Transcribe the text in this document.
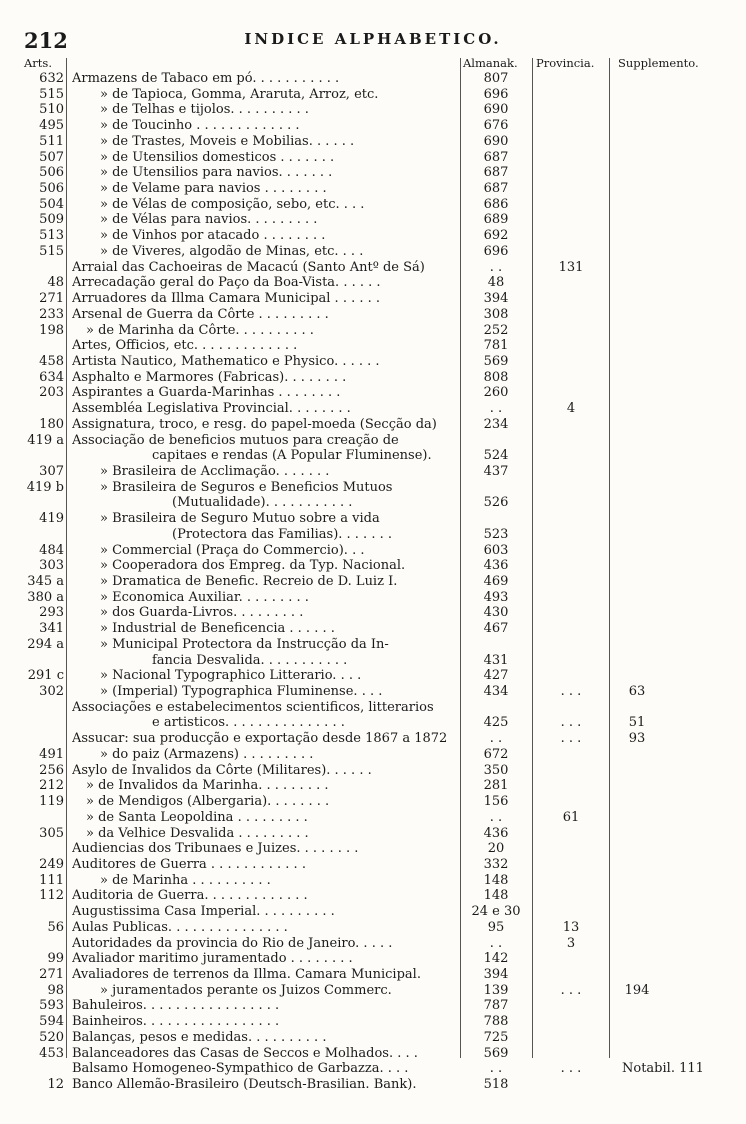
212	INDICE ALPHABETICO.
Arts.	Almanak. Provincia. Supplemento.
632 Armazens de Tabaco em pó. . . . . . . . . . .	807
515	» de Tapioca, Gomma, Araruta, Arroz, etc.	696
510	» de Telhas e tijolos. . . . . . . . . .	690
495	» de Toucinho . . . . . . . . . . . . .	676
511	» de Trastes, Moveis e Mobilias. . . . . .	690
507	» de Utensilios domesticos . . . . . . .	687
506	» de Utensilios para navios. . . . . . .	687
506	» de Velame para navios . . . . . . . .	687
504	» de Vélas de composição, sebo, etc. . . .	686
509	» de Vélas para navios. . . . . . . . .	689
513	» de Vinhos por atacado . . . . . . . .	692
515	» de Viveres, algodão de Minas, etc. . . .	696
Arraial das Cachoeiras de Macacú (Santo Antº de Sá)	. .	131
48 Arrecadação geral do Paço da Boa-Vista. . . . . .	48
271 Arruadores da Illma Camara Municipal . . . . . .	394
233 Arsenal de Guerra da Côrte . . . . . . . . .	308
198	» de Marinha da Côrte. . . . . . . . . .	252
Artes, Officios, etc. . . . . . . . . . . . .	781
458 Artista Nautico, Mathematico e Physico. . . . . .	569
634 Asphalto e Marmores (Fabricas). . . . . . . .	808
203 Aspirantes a Guarda-Marinhas . . . . . . . .	260
Assembléa Legislativa Provincial. . . . . . . .	. .	4
180 Assignatura, troco, e resg. do papel-moeda (Secção da)	234
419 a Associação de beneficios mutuos para creação de
capitaes e rendas (A Popular Fluminense).	524
307	» Brasileira de Acclimação. . . . . . .	437
419 b	» Brasileira de Seguros e Beneficios Mutuos
(Mutualidade). . . . . . . . . . .	526
419	» Brasileira de Seguro Mutuo sobre a vida
(Protectora das Familias). . . . . . .	523
484	» Commercial (Praça do Commercio). . .	603
303	» Cooperadora dos Empreg. da Typ. Nacional.	436
345 a	» Dramatica de Benefic. Recreio de D. Luiz I.	469
380 a	» Economica Auxiliar. . . . . . . . .	493
293	» dos Guarda-Livros. . . . . . . . .	430
341	» Industrial de Beneficencia . . . . . .	467
294 a	» Municipal Protectora da Instrucção da In-
fancia Desvalida. . . . . . . . . . .	431
291 c	» Nacional Typographico Litterario. . . .	427
302	» (Imperial) Typographica Fluminense. . . .	434	. . .	63
Associações e estabelecimentos scientificos, litterarios
e artisticos. . . . . . . . . . . . . . .	425	. . .	51
Assucar: sua producção e exportação desde 1867 a 1872	. .	. . .	93
491	» do paiz (Armazens) . . . . . . . . .	672
256 Asylo de Invalidos da Côrte (Militares). . . . . .	350
212	» de Invalidos da Marinha. . . . . . . . .	281
119	» de Mendigos (Albergaria). . . . . . . .	156
» de Santa Leopoldina . . . . . . . . .	. .	61
305	» da Velhice Desvalida . . . . . . . . .	436
Audiencias dos Tribunaes e Juizes. . . . . . . .	20
249 Auditores de Guerra . . . . . . . . . . . .	332
111	» de Marinha . . . . . . . . . .	148
112 Auditoria de Guerra. . . . . . . . . . . . .	148
Augustissima Casa Imperial. . . . . . . . . .	24 e 30
56 Aulas Publicas. . . . . . . . . . . . . . .	95	13
Autoridades da provincia do Rio de Janeiro. . . . .	. .	3
99 Avaliador maritimo juramentado . . . . . . . .	142
271 Avaliadores de terrenos da Illma. Camara Municipal.	394
98	» juramentados perante os Juizos Commerc.	139	. . .	194
593 Bahuleiros. . . . . . . . . . . . . . . . .	787
594 Bainheiros. . . . . . . . . . . . . . . . .	788
520 Balanças, pesos e medidas. . . . . . . . . .	725
453 Balanceadores das Casas de Seccos e Molhados. . . .	569
Balsamo Homogeneo-Sympathico de Garbazza. . . .	. .	. . .	Notabil. 111
12 Banco Allemão-Brasileiro (Deutsch-Brasilian. Bank).	518
